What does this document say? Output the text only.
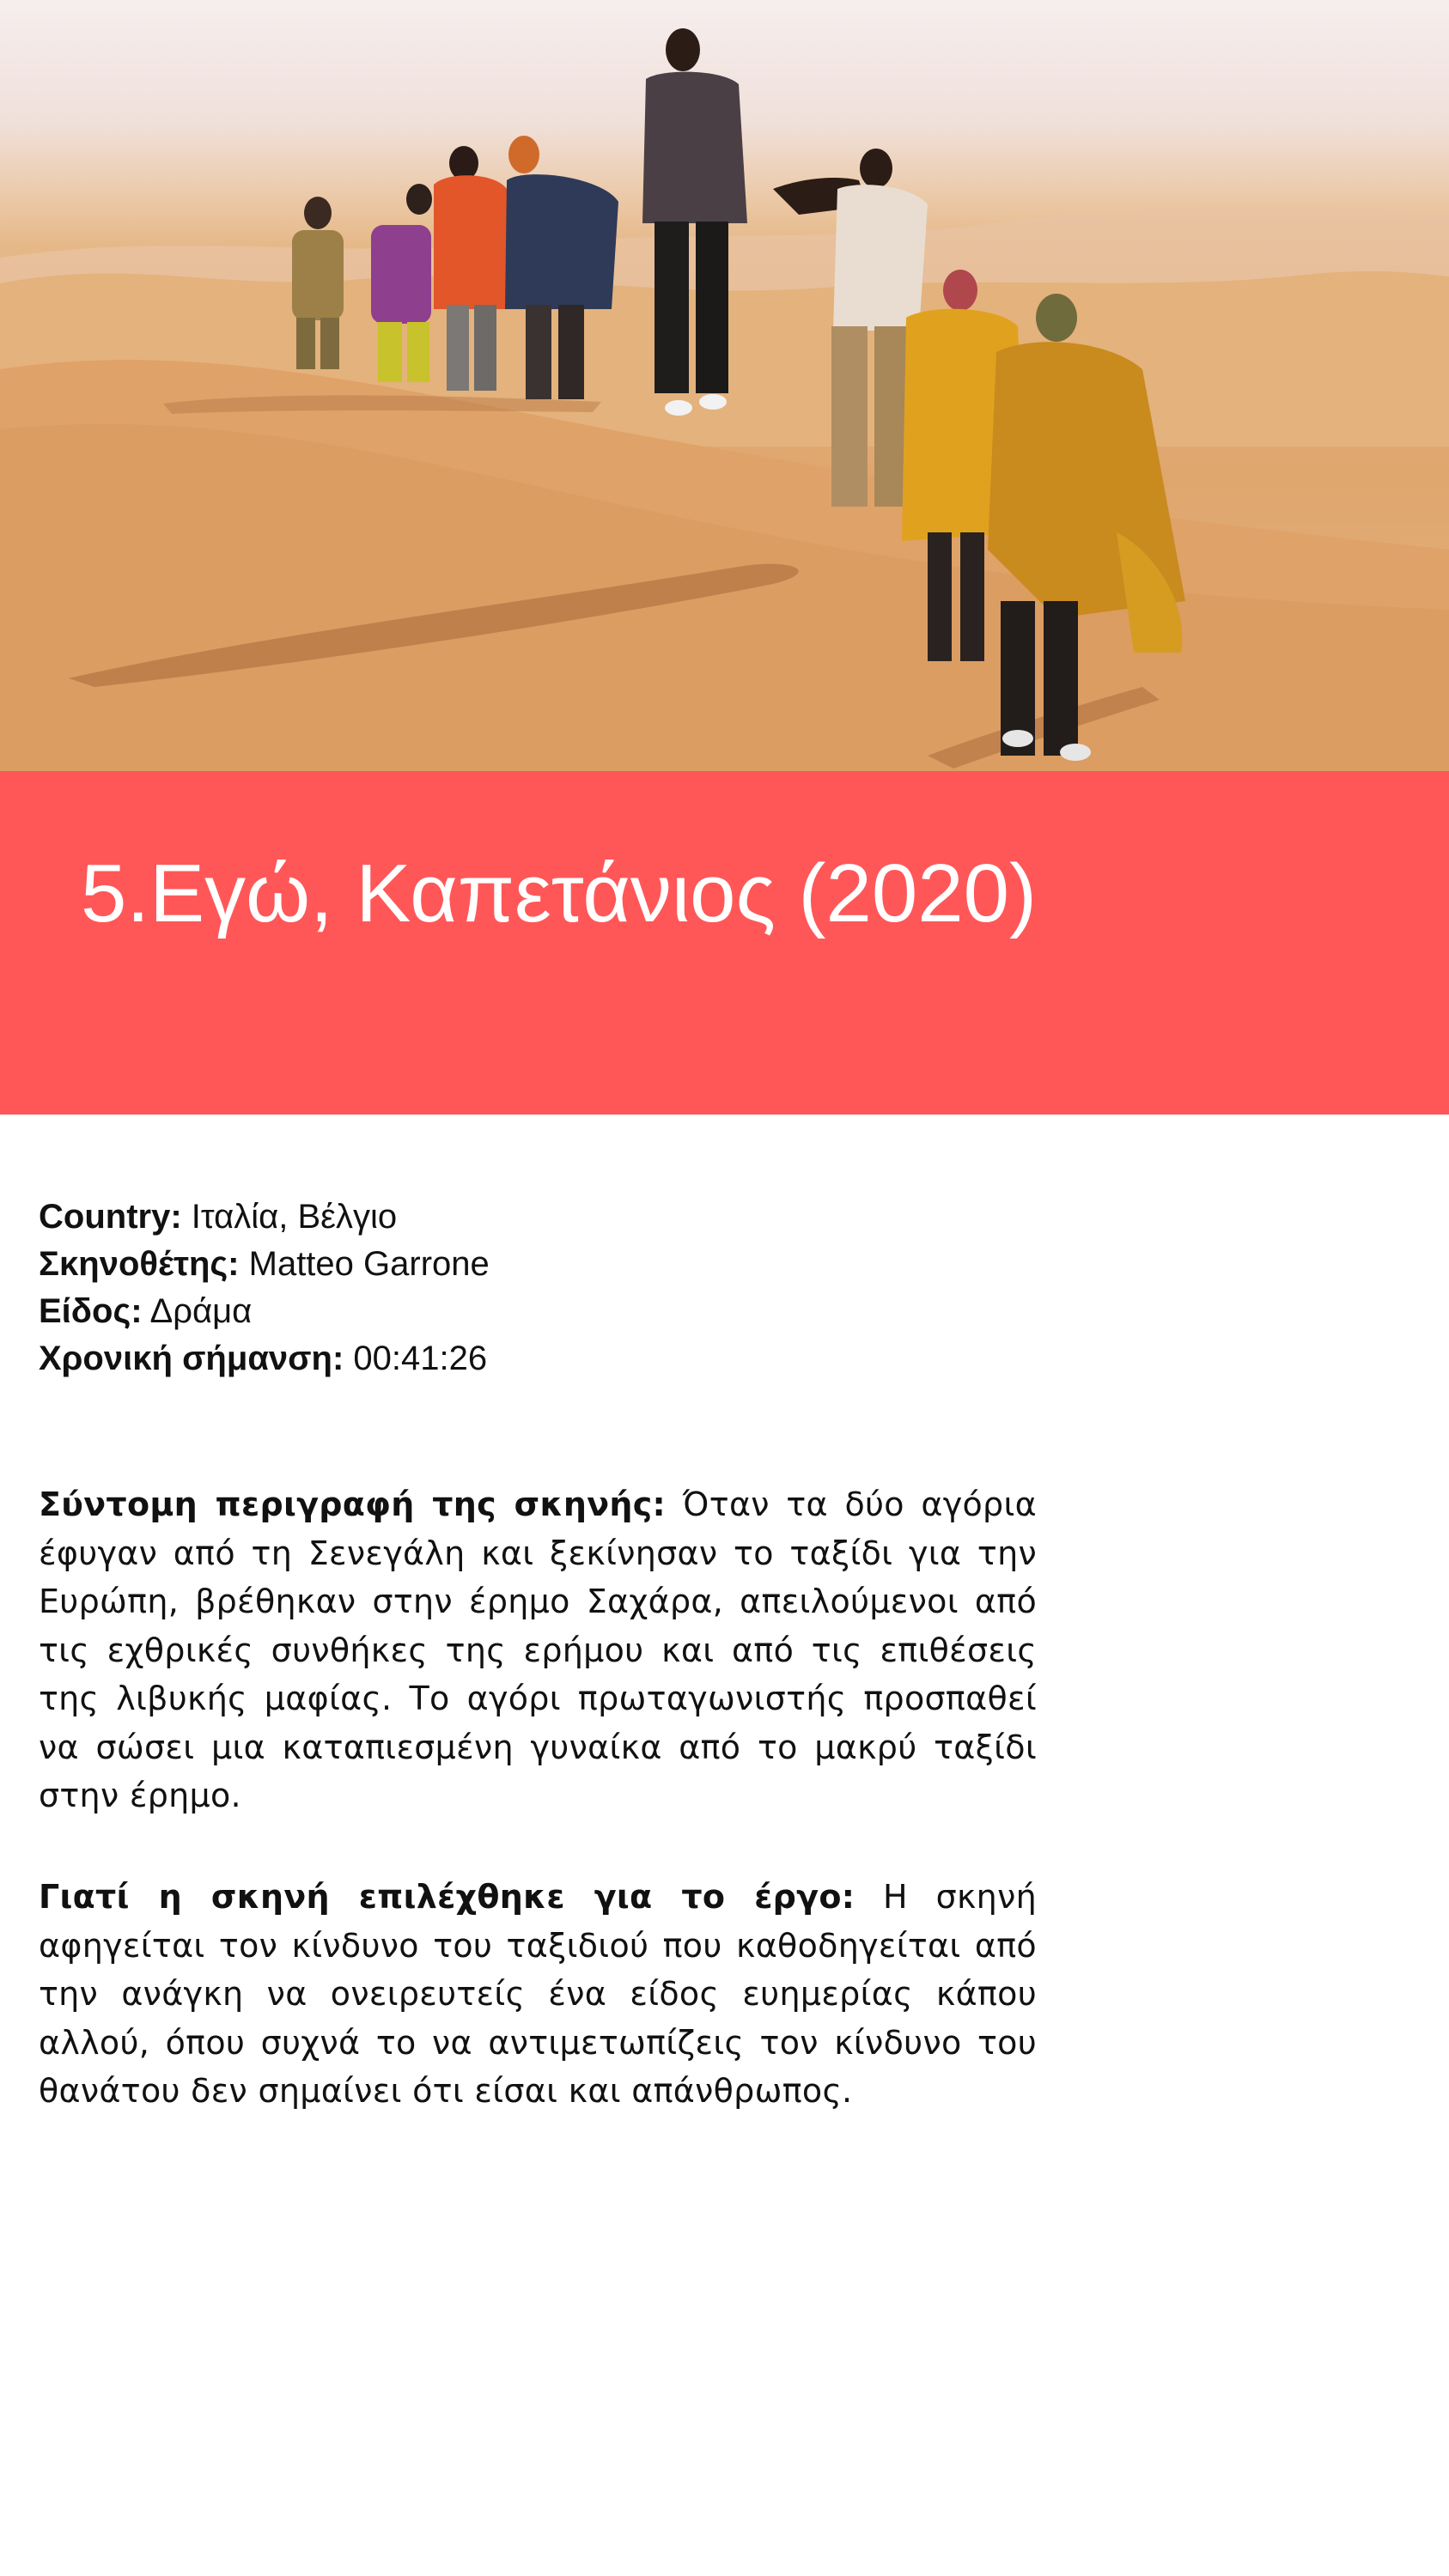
5.Εγώ, Καπετάνιος (2020)
Country: Ιταλία, Βέλγιο
Σκηνοθέτης: Matteo Garrone
Είδος: Δράμα
Χρονική σήμανση: 00:41:26

Σύντομη περιγραφή της σκηνής: Όταν τα δύο αγόρια έφυγαν από τη Σενεγάλη και ξεκίνησαν το ταξίδι για την Ευρώπη, βρέθηκαν στην έρημο Σαχάρα, απειλούμενοι από τις εχθρικές συνθήκες της ερήμου και από τις επιθέσεις της λιβυκής μαφίας. Το αγόρι πρωταγωνιστής προσπαθεί να σώσει μια καταπιεσμένη γυναίκα από το μακρύ ταξίδι στην έρημο.

Γιατί η σκηνή επιλέχθηκε για το έργο: Η σκηνή αφηγείται τον κίνδυνο του ταξιδιού που καθοδηγείται από την ανάγκη να ονειρευτείς ένα είδος ευημερίας κάπου αλλού, όπου συχνά το να αντιμετωπίζεις τον κίνδυνο του θανάτου δεν σημαίνει ότι είσαι και απάνθρωπος.
